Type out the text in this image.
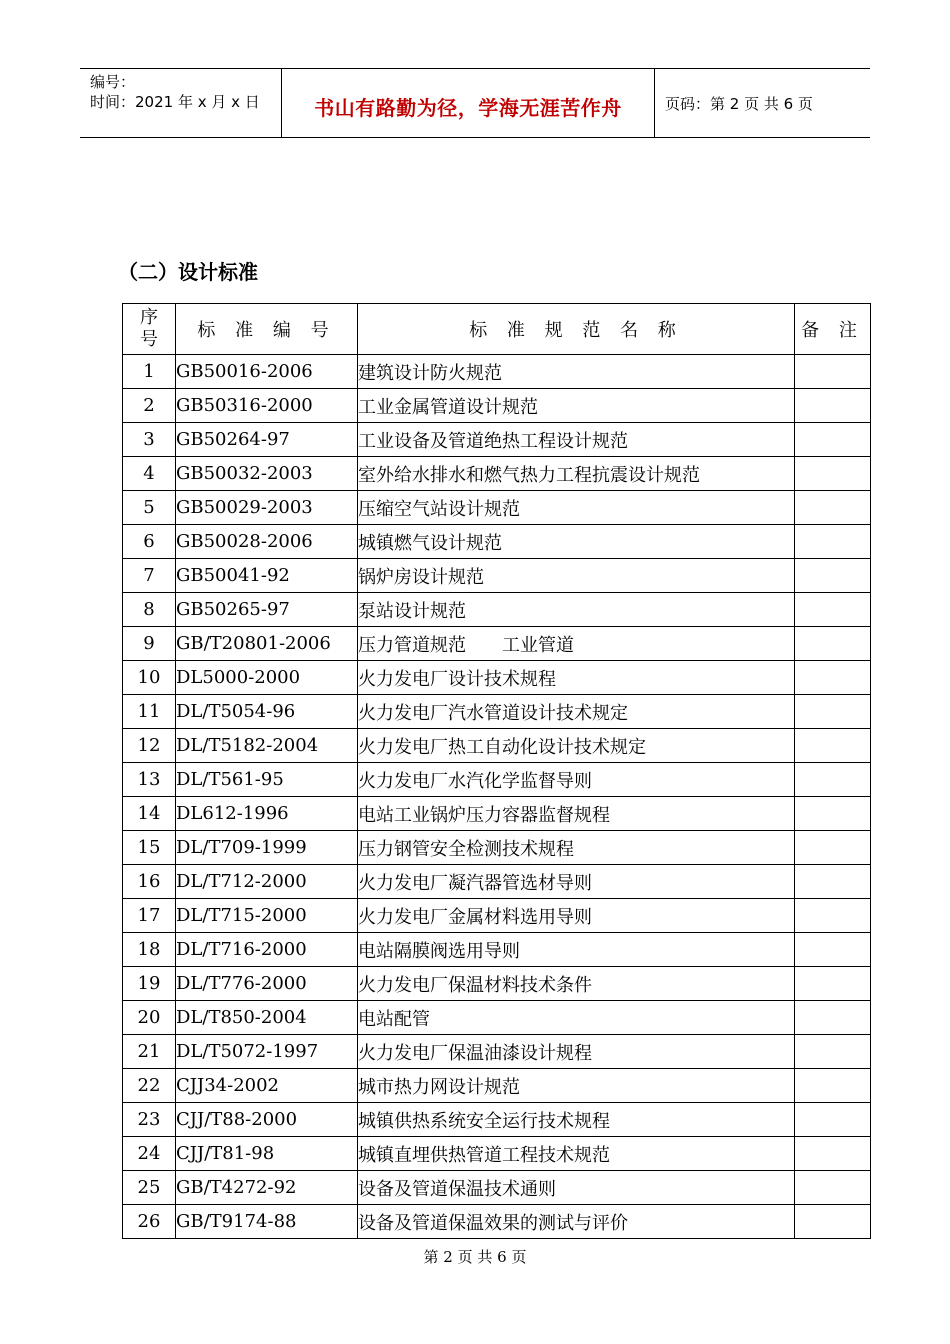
编号：
时间：2021 年 x 月 x 日	书山有路勤为径，学海无涯苦作舟	页码：第 2 页 共 6 页
（二）设计标准
序号	标 准 编 号	标 准 规 范 名 称	备 注
1	GB50016-2006	建筑设计防火规范	
2	GB50316-2000	工业金属管道设计规范	
3	GB50264-97	工业设备及管道绝热工程设计规范	
4	GB50032-2003	室外给水排水和燃气热力工程抗震设计规范	
5	GB50029-2003	压缩空气站设计规范	
6	GB50028-2006	城镇燃气设计规范	
7	GB50041-92	锅炉房设计规范	
8	GB50265-97	泵站设计规范	
9	GB/T20801-2006	压力管道规范　　工业管道	
10	DL5000-2000	火力发电厂设计技术规程	
11	DL/T5054-96	火力发电厂汽水管道设计技术规定	
12	DL/T5182-2004	火力发电厂热工自动化设计技术规定	
13	DL/T561-95	火力发电厂水汽化学监督导则	
14	DL612-1996	电站工业锅炉压力容器监督规程	
15	DL/T709-1999	压力钢管安全检测技术规程	
16	DL/T712-2000	火力发电厂凝汽器管选材导则	
17	DL/T715-2000	火力发电厂金属材料选用导则	
18	DL/T716-2000	电站隔膜阀选用导则	
19	DL/T776-2000	火力发电厂保温材料技术条件	
20	DL/T850-2004	电站配管	
21	DL/T5072-1997	火力发电厂保温油漆设计规程	
22	CJJ34-2002	城市热力网设计规范	
23	CJJ/T88-2000	城镇供热系统安全运行技术规程	
24	CJJ/T81-98	城镇直埋供热管道工程技术规范	
25	GB/T4272-92	设备及管道保温技术通则	
26	GB/T9174-88	设备及管道保温效果的测试与评价	
第 2 页 共 6 页
